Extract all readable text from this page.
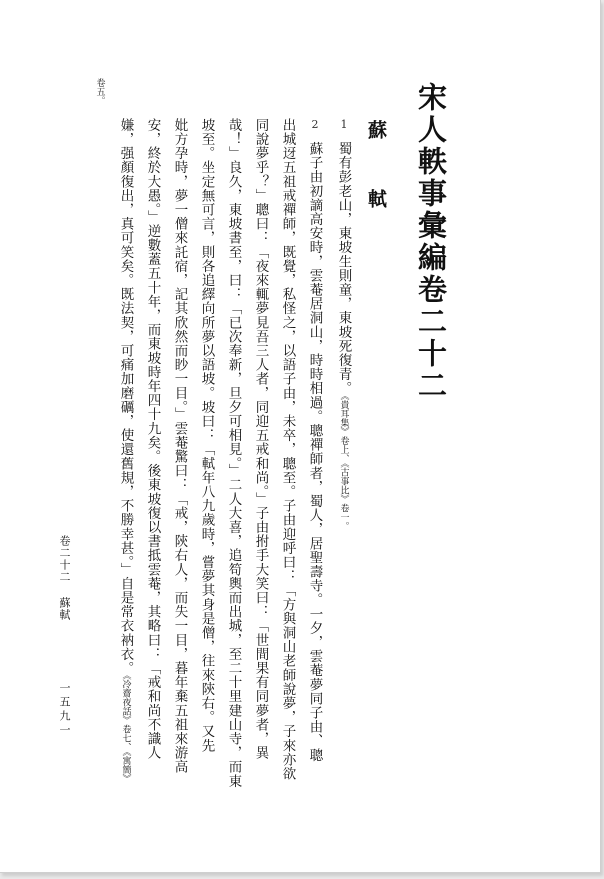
宋人軼事彙編卷二十二
蘇 軾
1蜀有彭老山，東坡生則童，東坡死復青。《貴耳集》卷上、《古事比》卷一。
2蘇子由初謫高安時，雲菴居洞山，時時相過。聰禪師者，蜀人，居聖壽寺。一夕，雲菴夢同子由、聰
出城迓五祖戒禪師，既覺，私怪之，以語子由，未卒，聰至。子由迎呼曰：「方與洞山老師說夢，子來亦欲
同說夢乎？」聰曰：「夜來輒夢見吾三人者，同迎五戒和尚。」子由拊手大笑曰：「世間果有同夢者，異
哉！」良久，東坡書至，曰：「已次奉新，旦夕可相見。」二人大喜，追笱輿而出城，至二十里建山寺，而東
坡至。坐定無可言，則各追繹向所夢以語坡。坡曰：「軾年八九歲時，嘗夢其身是僧，往來陝右。又先
妣方孕時，夢一僧來託宿，記其欣然而眇一目。」雲菴驚曰：「戒，陝右人，而失一目，暮年棄五祖來游高
安，終於大愚。」逆數蓋五十年，而東坡時年四十九矣。後東坡復以書抵雲菴，其略曰：「戒和尚不識人
嫌，强顏復出，真可笑矣。既法契，可痛加磨礪，使還舊規，不勝幸甚。」自是常衣衲衣。《冷齋夜話》卷七、《寓簡》
卷五。
卷二十二 蘇軾
一五九一
